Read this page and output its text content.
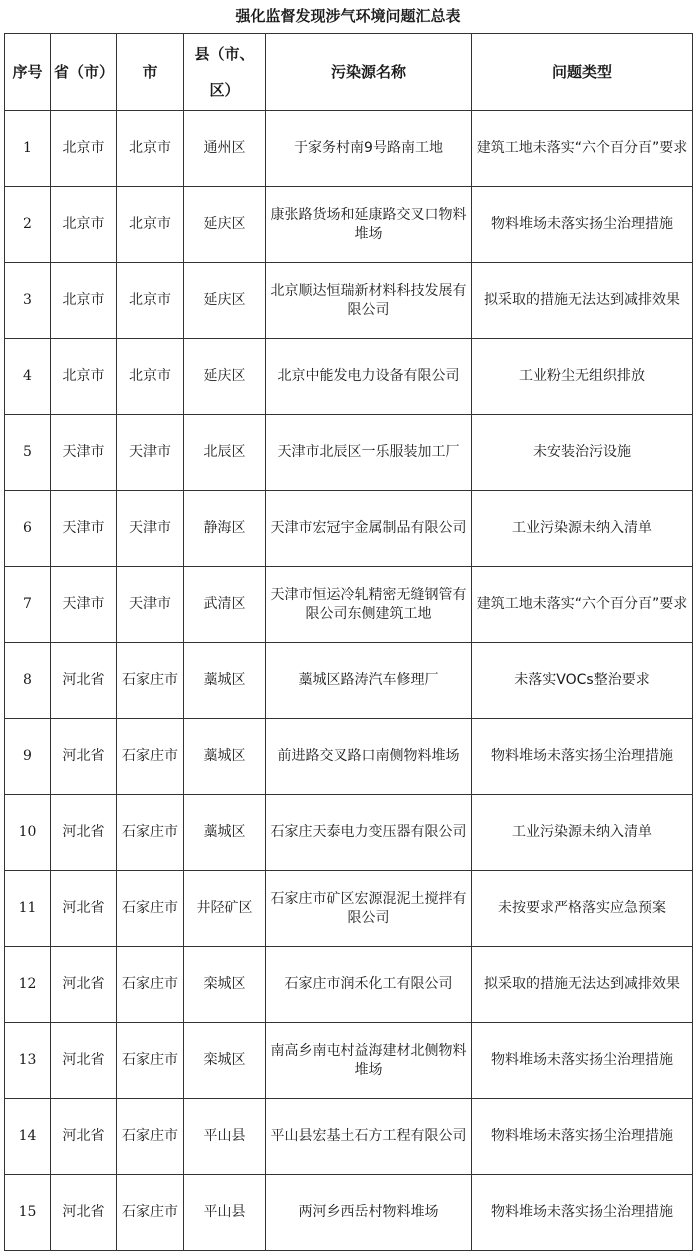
强化监督发现涉气环境问题汇总表
序号	省（市）	市	县（市、区）	污染源名称	问题类型
1	北京市	北京市	通州区	于家务村南9号路南工地	建筑工地未落实“六个百分百”要求
2	北京市	北京市	延庆区	康张路货场和延康路交叉口物料堆场	物料堆场未落实扬尘治理措施
3	北京市	北京市	延庆区	北京顺达恒瑞新材料科技发展有限公司	拟采取的措施无法达到减排效果
4	北京市	北京市	延庆区	北京中能发电力设备有限公司	工业粉尘无组织排放
5	天津市	天津市	北辰区	天津市北辰区一乐服装加工厂	未安装治污设施
6	天津市	天津市	静海区	天津市宏冠宇金属制品有限公司	工业污染源未纳入清单
7	天津市	天津市	武清区	天津市恒运冷轧精密无缝钢管有限公司东侧建筑工地	建筑工地未落实“六个百分百”要求
8	河北省	石家庄市	藁城区	藁城区路涛汽车修理厂	未落实VOCs整治要求
9	河北省	石家庄市	藁城区	前进路交叉路口南侧物料堆场	物料堆场未落实扬尘治理措施
10	河北省	石家庄市	藁城区	石家庄天泰电力变压器有限公司	工业污染源未纳入清单
11	河北省	石家庄市	井陉矿区	石家庄市矿区宏源混泥土搅拌有限公司	未按要求严格落实应急预案
12	河北省	石家庄市	栾城区	石家庄市润禾化工有限公司	拟采取的措施无法达到减排效果
13	河北省	石家庄市	栾城区	南高乡南屯村益海建材北侧物料堆场	物料堆场未落实扬尘治理措施
14	河北省	石家庄市	平山县	平山县宏基土石方工程有限公司	物料堆场未落实扬尘治理措施
15	河北省	石家庄市	平山县	两河乡西岳村物料堆场	物料堆场未落实扬尘治理措施
